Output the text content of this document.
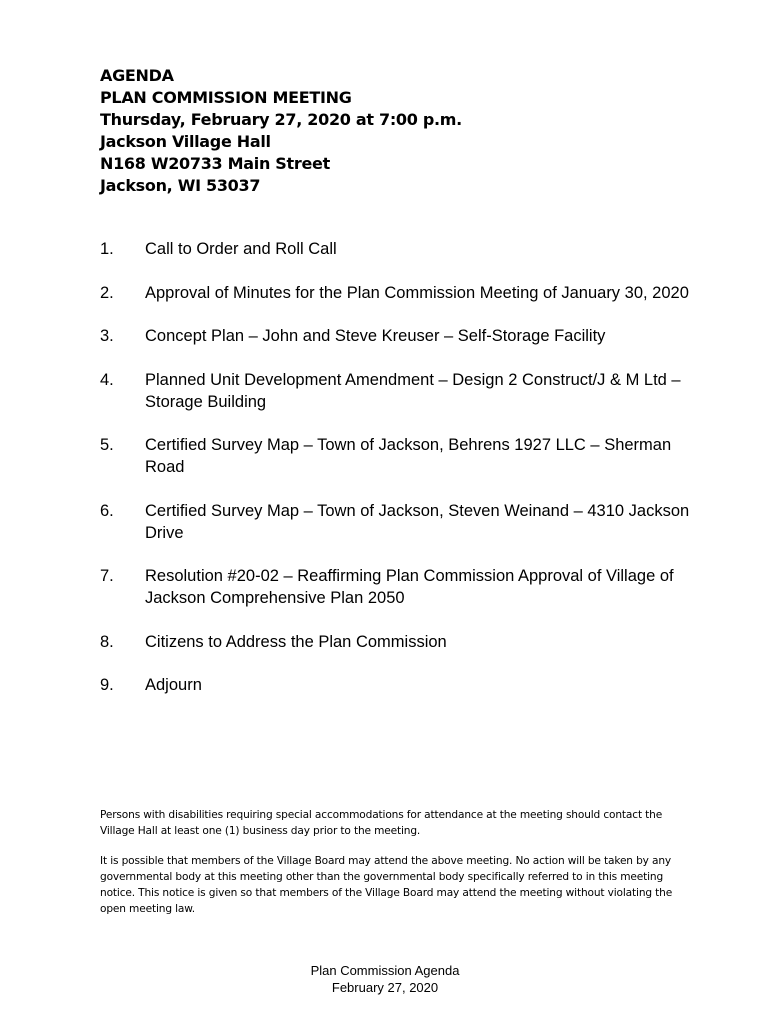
AGENDA
PLAN COMMISSION MEETING
Thursday, February 27, 2020 at 7:00 p.m.
Jackson Village Hall
N168 W20733 Main Street
Jackson, WI 53037
1.	Call to Order and Roll Call
2.	Approval of Minutes for the Plan Commission Meeting of January 30, 2020
3.	Concept Plan – John and Steve Kreuser – Self-Storage Facility
4.	Planned Unit Development Amendment – Design 2 Construct/J & M Ltd – Storage Building
5.	Certified Survey Map – Town of Jackson, Behrens 1927 LLC – Sherman Road
6.	Certified Survey Map – Town of Jackson, Steven Weinand – 4310 Jackson Drive
7.	Resolution #20-02 – Reaffirming Plan Commission Approval of Village of Jackson Comprehensive Plan 2050
8.	Citizens to Address the Plan Commission
9.	Adjourn

Persons with disabilities requiring special accommodations for attendance at the meeting should contact the Village Hall at least one (1) business day prior to the meeting.

It is possible that members of the Village Board may attend the above meeting. No action will be taken by any governmental body at this meeting other than the governmental body specifically referred to in this meeting notice. This notice is given so that members of the Village Board may attend the meeting without violating the open meeting law.

Plan Commission Agenda
February 27, 2020
